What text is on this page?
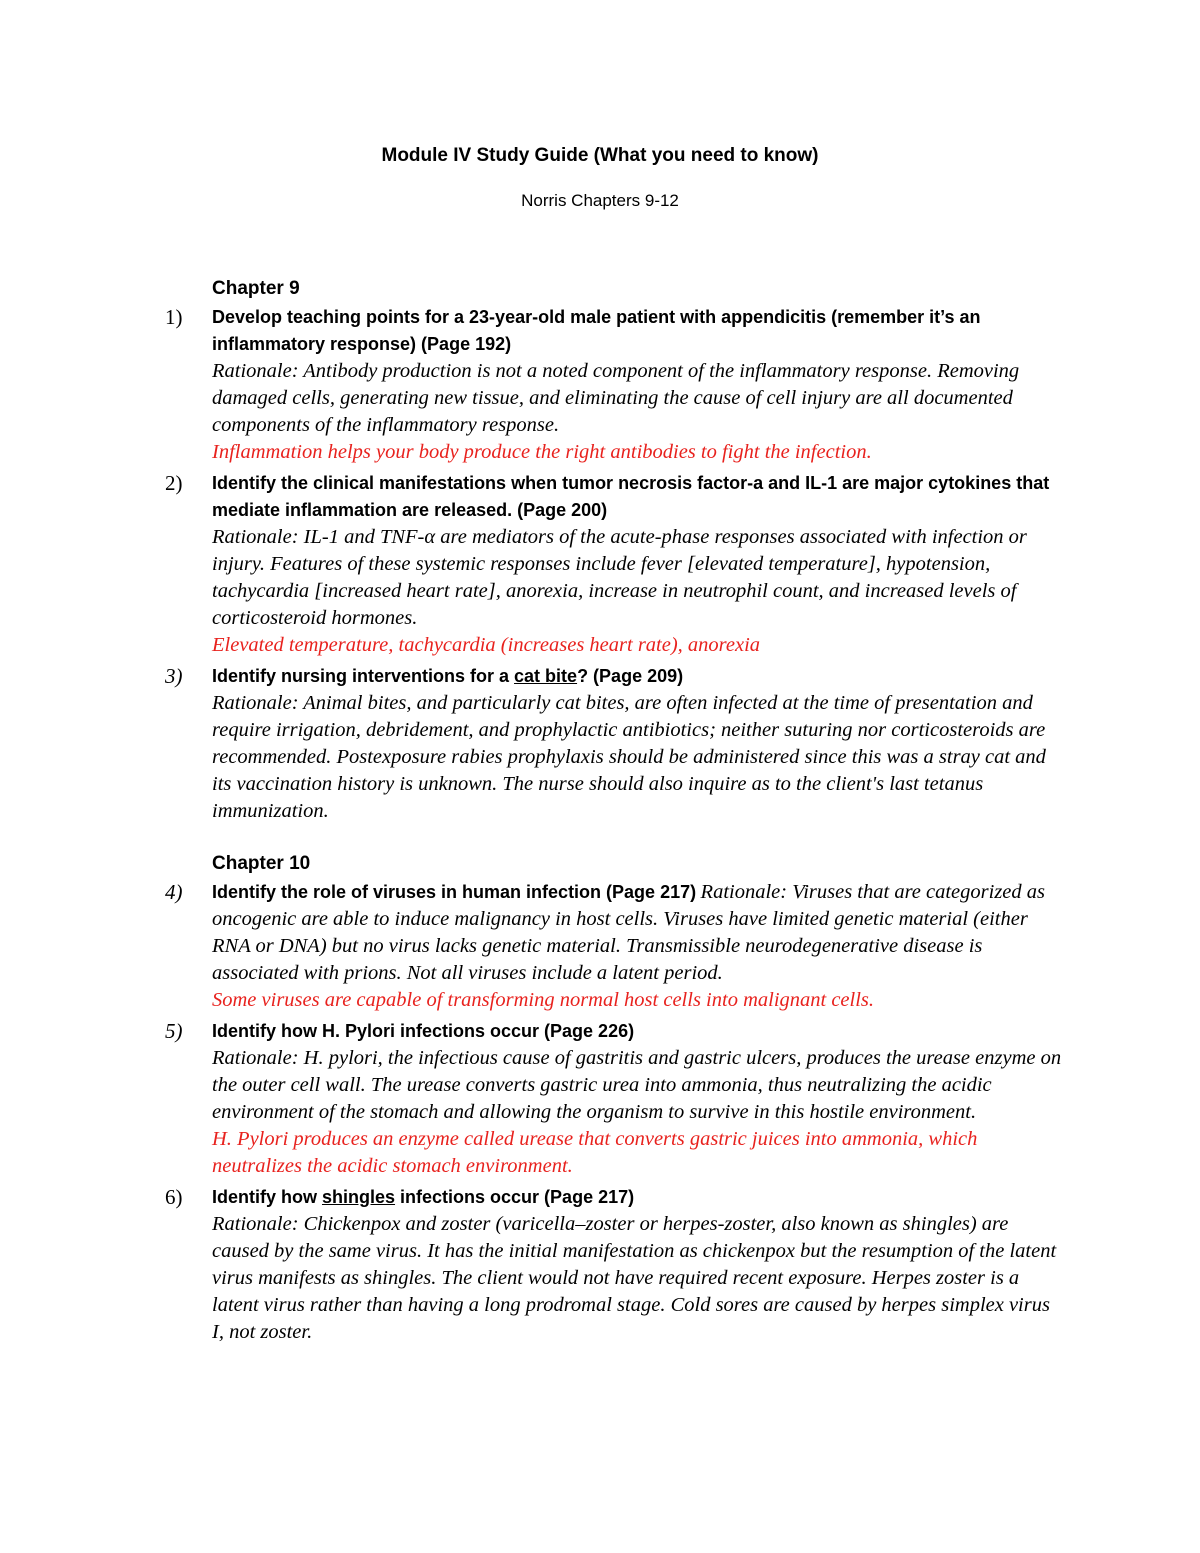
Module IV Study Guide (What you need to know)
Norris Chapters 9-12
Chapter 9
1) Develop teaching points for a 23-year-old male patient with appendicitis (remember it’s an inflammatory response) (Page 192)
Rationale: Antibody production is not a noted component of the inflammatory response. Removing damaged cells, generating new tissue, and eliminating the cause of cell injury are all documented components of the inflammatory response.
Inflammation helps your body produce the right antibodies to fight the infection.
2) Identify the clinical manifestations when tumor necrosis factor-a and IL-1 are major cytokines that mediate inflammation are released. (Page 200)
Rationale: IL-1 and TNF-α are mediators of the acute-phase responses associated with infection or injury. Features of these systemic responses include fever [elevated temperature], hypotension, tachycardia [increased heart rate], anorexia, increase in neutrophil count, and increased levels of corticosteroid hormones.
Elevated temperature, tachycardia (increases heart rate), anorexia
3) Identify nursing interventions for a cat bite? (Page 209)
Rationale: Animal bites, and particularly cat bites, are often infected at the time of presentation and require irrigation, debridement, and prophylactic antibiotics; neither suturing nor corticosteroids are recommended. Postexposure rabies prophylaxis should be administered since this was a stray cat and its vaccination history is unknown. The nurse should also inquire as to the client's last tetanus immunization.
Chapter 10
4) Identify the role of viruses in human infection (Page 217) Rationale: Viruses that are categorized as oncogenic are able to induce malignancy in host cells. Viruses have limited genetic material (either RNA or DNA) but no virus lacks genetic material. Transmissible neurodegenerative disease is associated with prions. Not all viruses include a latent period.
Some viruses are capable of transforming normal host cells into malignant cells.
5) Identify how H. Pylori infections occur (Page 226)
Rationale: H. pylori, the infectious cause of gastritis and gastric ulcers, produces the urease enzyme on the outer cell wall. The urease converts gastric urea into ammonia, thus neutralizing the acidic environment of the stomach and allowing the organism to survive in this hostile environment.
H. Pylori produces an enzyme called urease that converts gastric juices into ammonia, which neutralizes the acidic stomach environment.
6) Identify how shingles infections occur (Page 217)
Rationale: Chickenpox and zoster (varicella–zoster or herpes-zoster, also known as shingles) are caused by the same virus. It has the initial manifestation as chickenpox but the resumption of the latent virus manifests as shingles. The client would not have required recent exposure. Herpes zoster is a latent virus rather than having a long prodromal stage. Cold sores are caused by herpes simplex virus I, not zoster.
